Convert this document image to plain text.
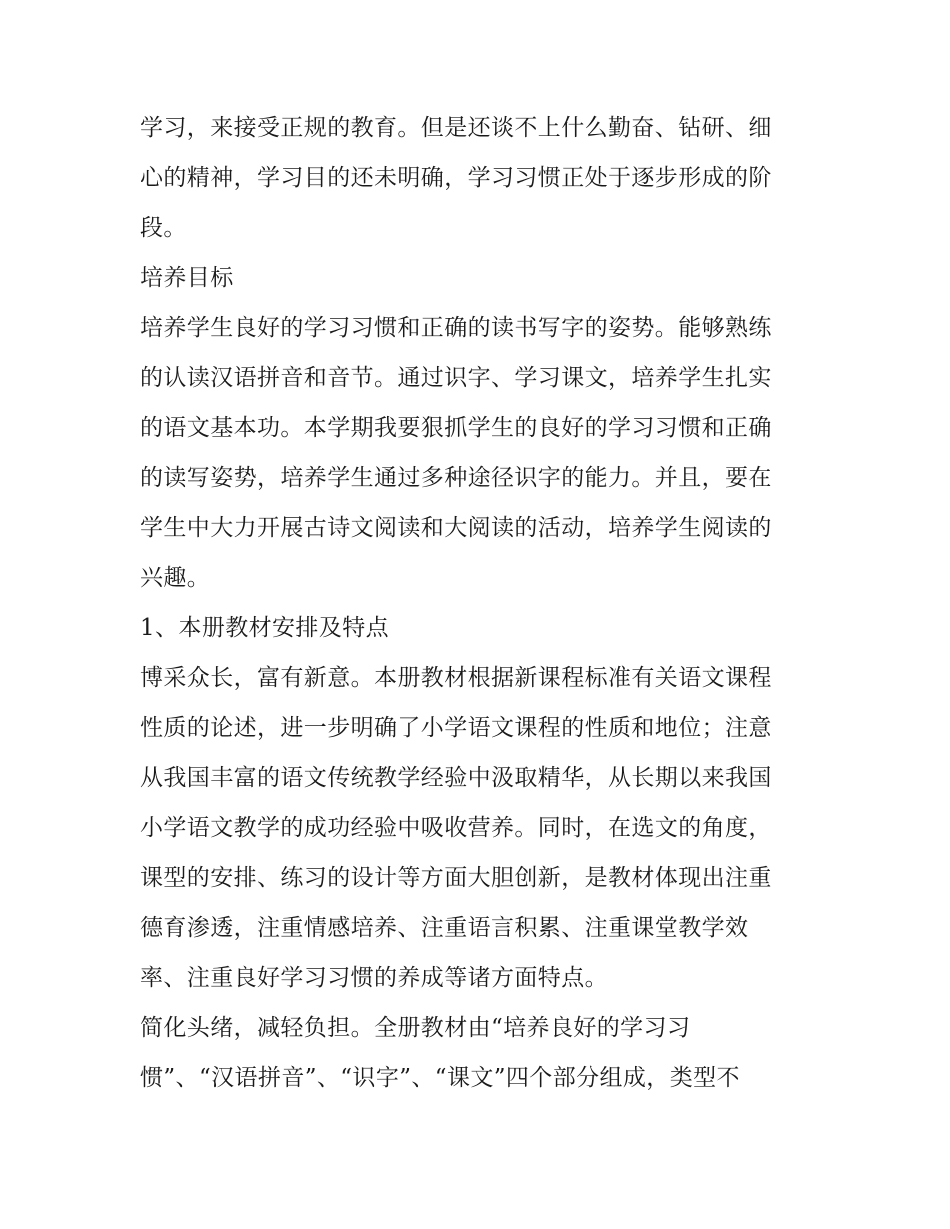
学习，来接受正规的教育。但是还谈不上什么勤奋、钻研、细
心的精神，学习目的还未明确，学习习惯正处于逐步形成的阶
段。
培养目标
培养学生良好的学习习惯和正确的读书写字的姿势。能够熟练
的认读汉语拼音和音节。通过识字、学习课文，培养学生扎实
的语文基本功。本学期我要狠抓学生的良好的学习习惯和正确
的读写姿势，培养学生通过多种途径识字的能力。并且，要在
学生中大力开展古诗文阅读和大阅读的活动，培养学生阅读的
兴趣。
1、本册教材安排及特点
博采众长，富有新意。本册教材根据新课程标准有关语文课程
性质的论述，进一步明确了小学语文课程的性质和地位；注意
从我国丰富的语文传统教学经验中汲取精华，从长期以来我国
小学语文教学的成功经验中吸收营养。同时，在选文的角度，
课型的安排、练习的设计等方面大胆创新，是教材体现出注重
德育渗透，注重情感培养、注重语言积累、注重课堂教学效
率、注重良好学习习惯的养成等诸方面特点。
简化头绪，减轻负担。全册教材由“培养良好的学习习
惯”、“汉语拼音”、“识字”、“课文”四个部分组成，类型不
